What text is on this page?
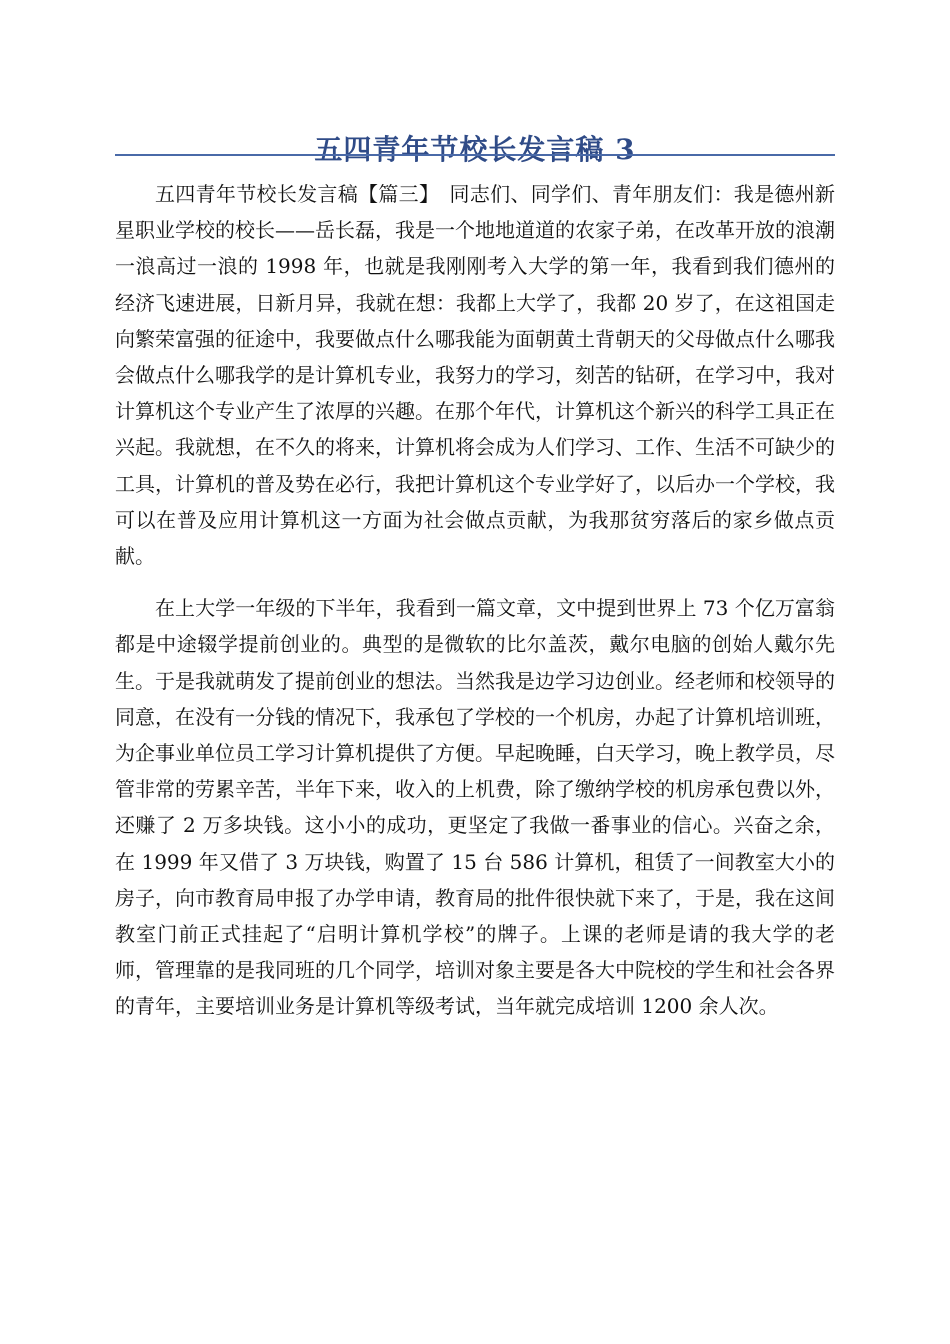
五四青年节校长发言稿 3

五四青年节校长发言稿【篇三】　同志们、同学们、青年朋友们：我是德州新星职业学校的校长——岳长磊，我是一个地地道道的农家子弟，在改革开放的浪潮一浪高过一浪的 1998 年，也就是我刚刚考入大学的第一年，我看到我们德州的经济飞速进展，日新月异，我就在想：我都上大学了，我都 20 岁了，在这祖国走向繁荣富强的征途中，我要做点什么哪我能为面朝黄土背朝天的父母做点什么哪我会做点什么哪我学的是计算机专业，我努力的学习，刻苦的钻研，在学习中，我对计算机这个专业产生了浓厚的兴趣。在那个年代，计算机这个新兴的科学工具正在兴起。我就想，在不久的将来，计算机将会成为人们学习、工作、生活不可缺少的工具，计算机的普及势在必行，我把计算机这个专业学好了，以后办一个学校，我可以在普及应用计算机这一方面为社会做点贡献，为我那贫穷落后的家乡做点贡献。

在上大学一年级的下半年，我看到一篇文章，文中提到世界上 73 个亿万富翁都是中途辍学提前创业的。典型的是微软的比尔盖茨，戴尔电脑的创始人戴尔先生。于是我就萌发了提前创业的想法。当然我是边学习边创业。经老师和校领导的同意，在没有一分钱的情况下，我承包了学校的一个机房，办起了计算机培训班，为企事业单位员工学习计算机提供了方便。早起晚睡，白天学习，晚上教学员，尽管非常的劳累辛苦，半年下来，收入的上机费，除了缴纳学校的机房承包费以外，还赚了 2 万多块钱。这小小的成功，更坚定了我做一番事业的信心。兴奋之余，在 1999 年又借了 3 万块钱，购置了 15 台 586 计算机，租赁了一间教室大小的房子，向市教育局申报了办学申请，教育局的批件很快就下来了，于是，我在这间教室门前正式挂起了“启明计算机学校”的牌子。上课的老师是请的我大学的老师，管理靠的是我同班的几个同学，培训对象主要是各大中院校的学生和社会各界的青年，主要培训业务是计算机等级考试，当年就完成培训 1200 余人次。
